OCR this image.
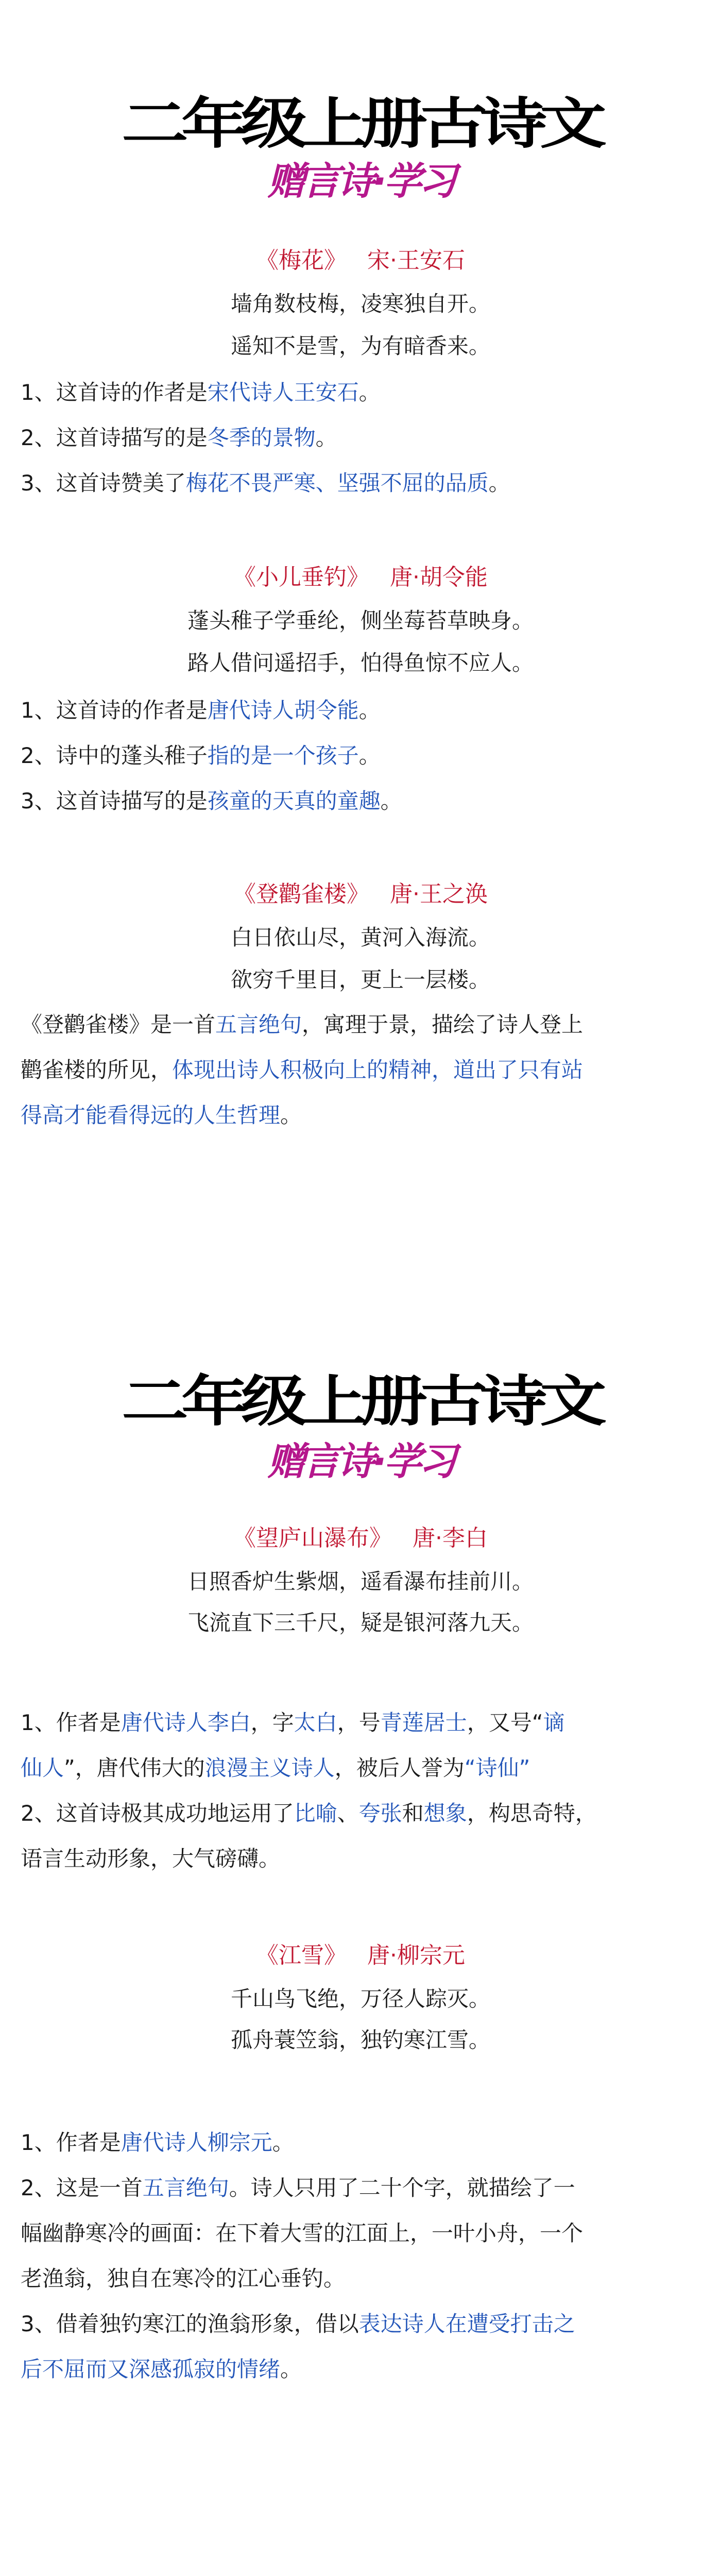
二年级上册古诗文
赠言诗·学习
《梅花》 宋·王安石
墙角数枝梅，凌寒独自开。
遥知不是雪，为有暗香来。
1、这首诗的作者是宋代诗人王安石。
2、这首诗描写的是冬季的景物。
3、这首诗赞美了梅花不畏严寒、坚强不屈的品质。
《小儿垂钓》 唐·胡令能
蓬头稚子学垂纶，侧坐莓苔草映身。
路人借问遥招手，怕得鱼惊不应人。
1、这首诗的作者是唐代诗人胡令能。
2、诗中的蓬头稚子指的是一个孩子。
3、这首诗描写的是孩童的天真的童趣。
《登鹳雀楼》 唐·王之涣
白日依山尽，黄河入海流。
欲穷千里目，更上一层楼。
《登鹳雀楼》是一首五言绝句，寓理于景，描绘了诗人登上
鹳雀楼的所见，体现出诗人积极向上的精神，道出了只有站
得高才能看得远的人生哲理。
二年级上册古诗文
赠言诗·学习
《望庐山瀑布》 唐·李白
日照香炉生紫烟，遥看瀑布挂前川。
飞流直下三千尺，疑是银河落九天。
1、作者是唐代诗人李白，字太白，号青莲居士，又号“谪
仙人”，唐代伟大的浪漫主义诗人，被后人誉为“诗仙”
2、这首诗极其成功地运用了比喻、夸张和想象，构思奇特，
语言生动形象，大气磅礴。
《江雪》 唐·柳宗元
千山鸟飞绝，万径人踪灭。
孤舟蓑笠翁，独钓寒江雪。
1、作者是唐代诗人柳宗元。
2、这是一首五言绝句。诗人只用了二十个字，就描绘了一
幅幽静寒冷的画面：在下着大雪的江面上，一叶小舟，一个
老渔翁，独自在寒冷的江心垂钓。
3、借着独钓寒江的渔翁形象，借以表达诗人在遭受打击之
后不屈而又深感孤寂的情绪。
